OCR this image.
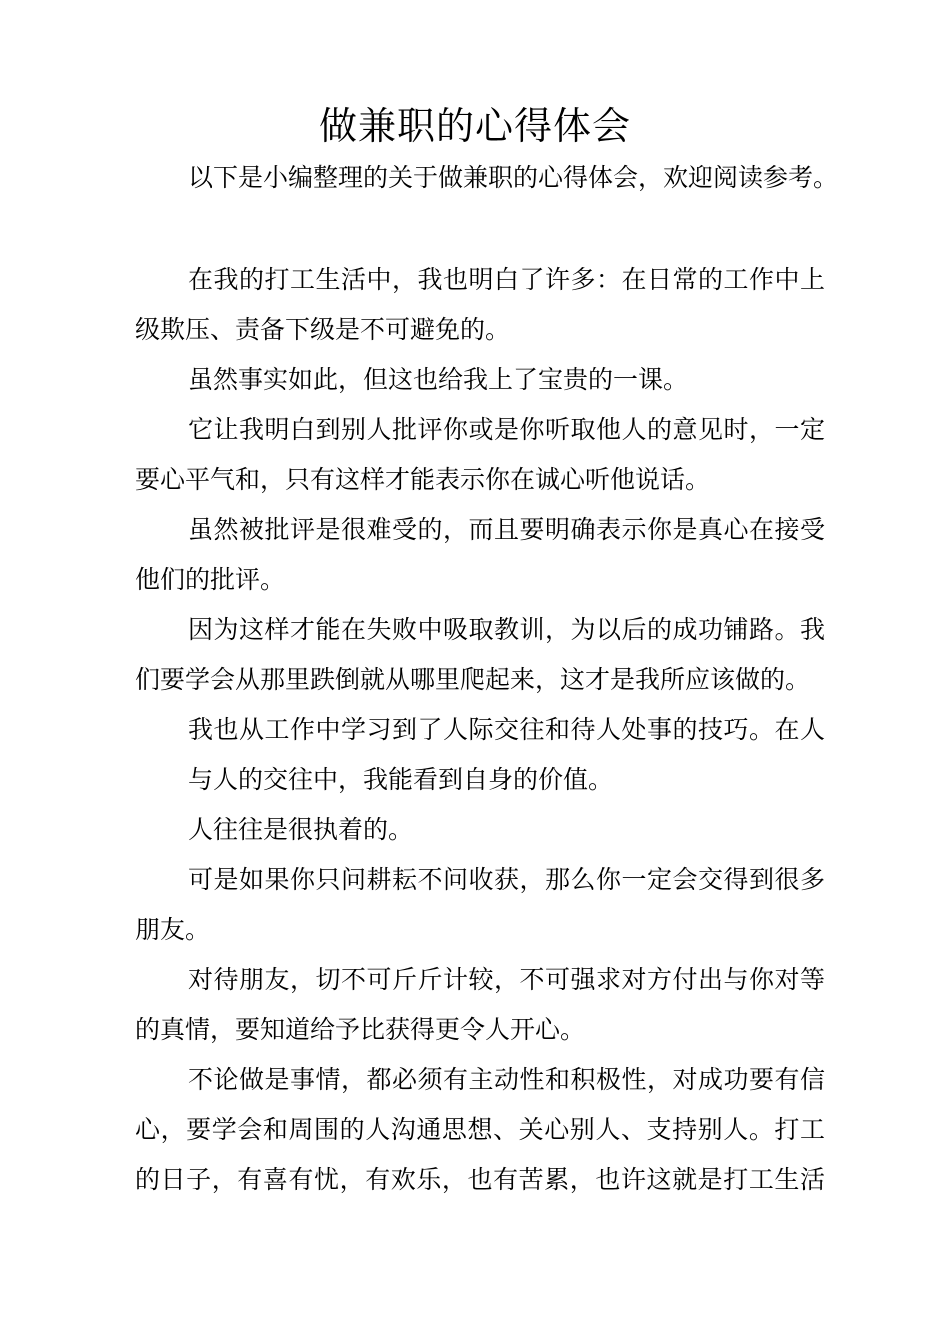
做兼职的心得体会
以下是小编整理的关于做兼职的心得体会，欢迎阅读参考。

在我的打工生活中，我也明白了许多：在日常的工作中上级欺压、责备下级是不可避免的。

虽然事实如此，但这也给我上了宝贵的一课。

它让我明白到别人批评你或是你听取他人的意见时，一定要心平气和，只有这样才能表示你在诚心听他说话。

虽然被批评是很难受的，而且要明确表示你是真心在接受他们的批评。

因为这样才能在失败中吸取教训，为以后的成功铺路。我们要学会从那里跌倒就从哪里爬起来，这才是我所应该做的。

我也从工作中学习到了人际交往和待人处事的技巧。在人与人的交往中，我能看到自身的价值。

人往往是很执着的。

可是如果你只问耕耘不问收获，那么你一定会交得到很多朋友。

对待朋友，切不可斤斤计较，不可强求对方付出与你对等的真情，要知道给予比获得更令人开心。

不论做是事情，都必须有主动性和积极性，对成功要有信心，要学会和周围的人沟通思想、关心别人、支持别人。打工的日子，有喜有忧，有欢乐，也有苦累，也许这就是打工生活
